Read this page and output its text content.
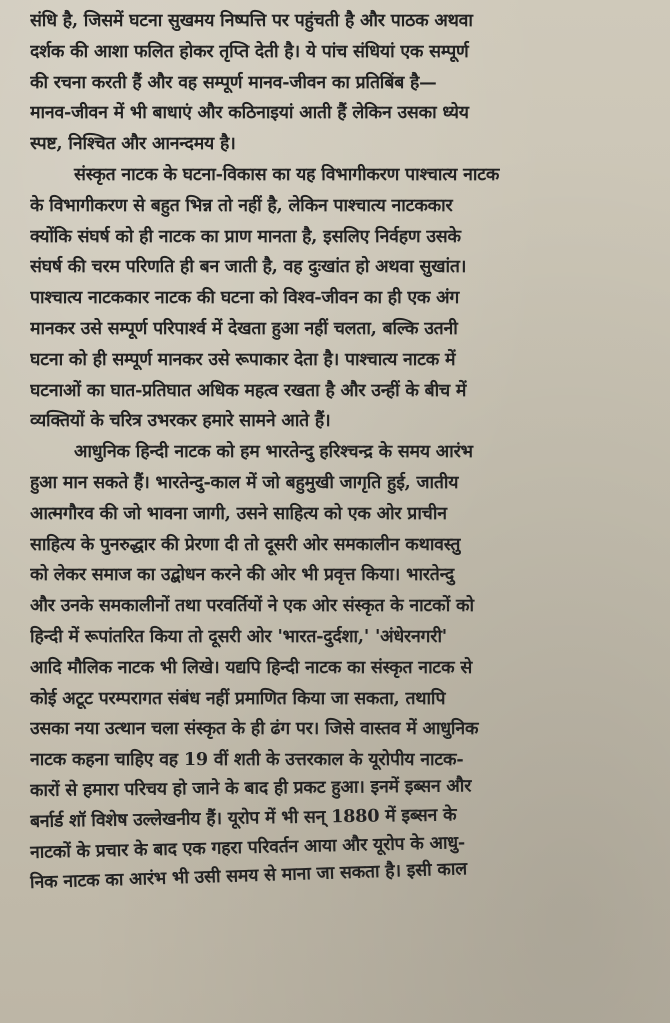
संधि है, जिसमें घटना सुखमय निष्पत्ति पर पहुंचती है और पाठक अथवा
दर्शक की आशा फलित होकर तृप्ति देती है। ये पांच संधियां एक सम्पूर्ण
की रचना करती हैं और वह सम्पूर्ण मानव-जीवन का प्रतिबिंब है—
मानव-जीवन में भी बाधाएं और कठिनाइयां आती हैं लेकिन उसका ध्येय
स्पष्ट, निश्चित और आनन्दमय है।
संस्कृत नाटक के घटना-विकास का यह विभागीकरण पाश्चात्य नाटक
के विभागीकरण से बहुत भिन्न तो नहीं है, लेकिन पाश्चात्य नाटककार
क्योंकि संघर्ष को ही नाटक का प्राण मानता है, इसलिए निर्वहण उसके
संघर्ष की चरम परिणति ही बन जाती है, वह दुःखांत हो अथवा सुखांत।
पाश्चात्य नाटककार नाटक की घटना को विश्व-जीवन का ही एक अंग
मानकर उसे सम्पूर्ण परिपार्श्व में देखता हुआ नहीं चलता, बल्कि उतनी
घटना को ही सम्पूर्ण मानकर उसे रूपाकार देता है। पाश्चात्य नाटक में
घटनाओं का घात-प्रतिघात अधिक महत्व रखता है और उन्हीं के बीच में
व्यक्तियों के चरित्र उभरकर हमारे सामने आते हैं।
आधुनिक हिन्दी नाटक को हम भारतेन्दु हरिश्चन्द्र के समय आरंभ
हुआ मान सकते हैं। भारतेन्दु-काल में जो बहुमुखी जागृति हुई, जातीय
आत्मगौरव की जो भावना जागी, उसने साहित्य को एक ओर प्राचीन
साहित्य के पुनरुद्धार की प्रेरणा दी तो दूसरी ओर समकालीन कथावस्तु
को लेकर समाज का उद्बोधन करने की ओर भी प्रवृत्त किया। भारतेन्दु
और उनके समकालीनों तथा परवर्तियों ने एक ओर संस्कृत के नाटकों को
हिन्दी में रूपांतरित किया तो दूसरी ओर 'भारत-दुर्दशा,' 'अंधेरनगरी'
आदि मौलिक नाटक भी लिखे। यद्यपि हिन्दी नाटक का संस्कृत नाटक से
कोई अटूट परम्परागत संबंध नहीं प्रमाणित किया जा सकता, तथापि
उसका नया उत्थान चला संस्कृत के ही ढंग पर। जिसे वास्तव में आधुनिक
नाटक कहना चाहिए वह 19 वीं शती के उत्तरकाल के यूरोपीय नाटक-
कारों से हमारा परिचय हो जाने के बाद ही प्रकट हुआ। इनमें इब्सन और
बर्नार्ड शॉ विशेष उल्लेखनीय हैं। यूरोप में भी सन् 1880 में इब्सन के
नाटकों के प्रचार के बाद एक गहरा परिवर्तन आया और यूरोप के आधु-
निक नाटक का आरंभ भी उसी समय से माना जा सकता है। इसी काल
